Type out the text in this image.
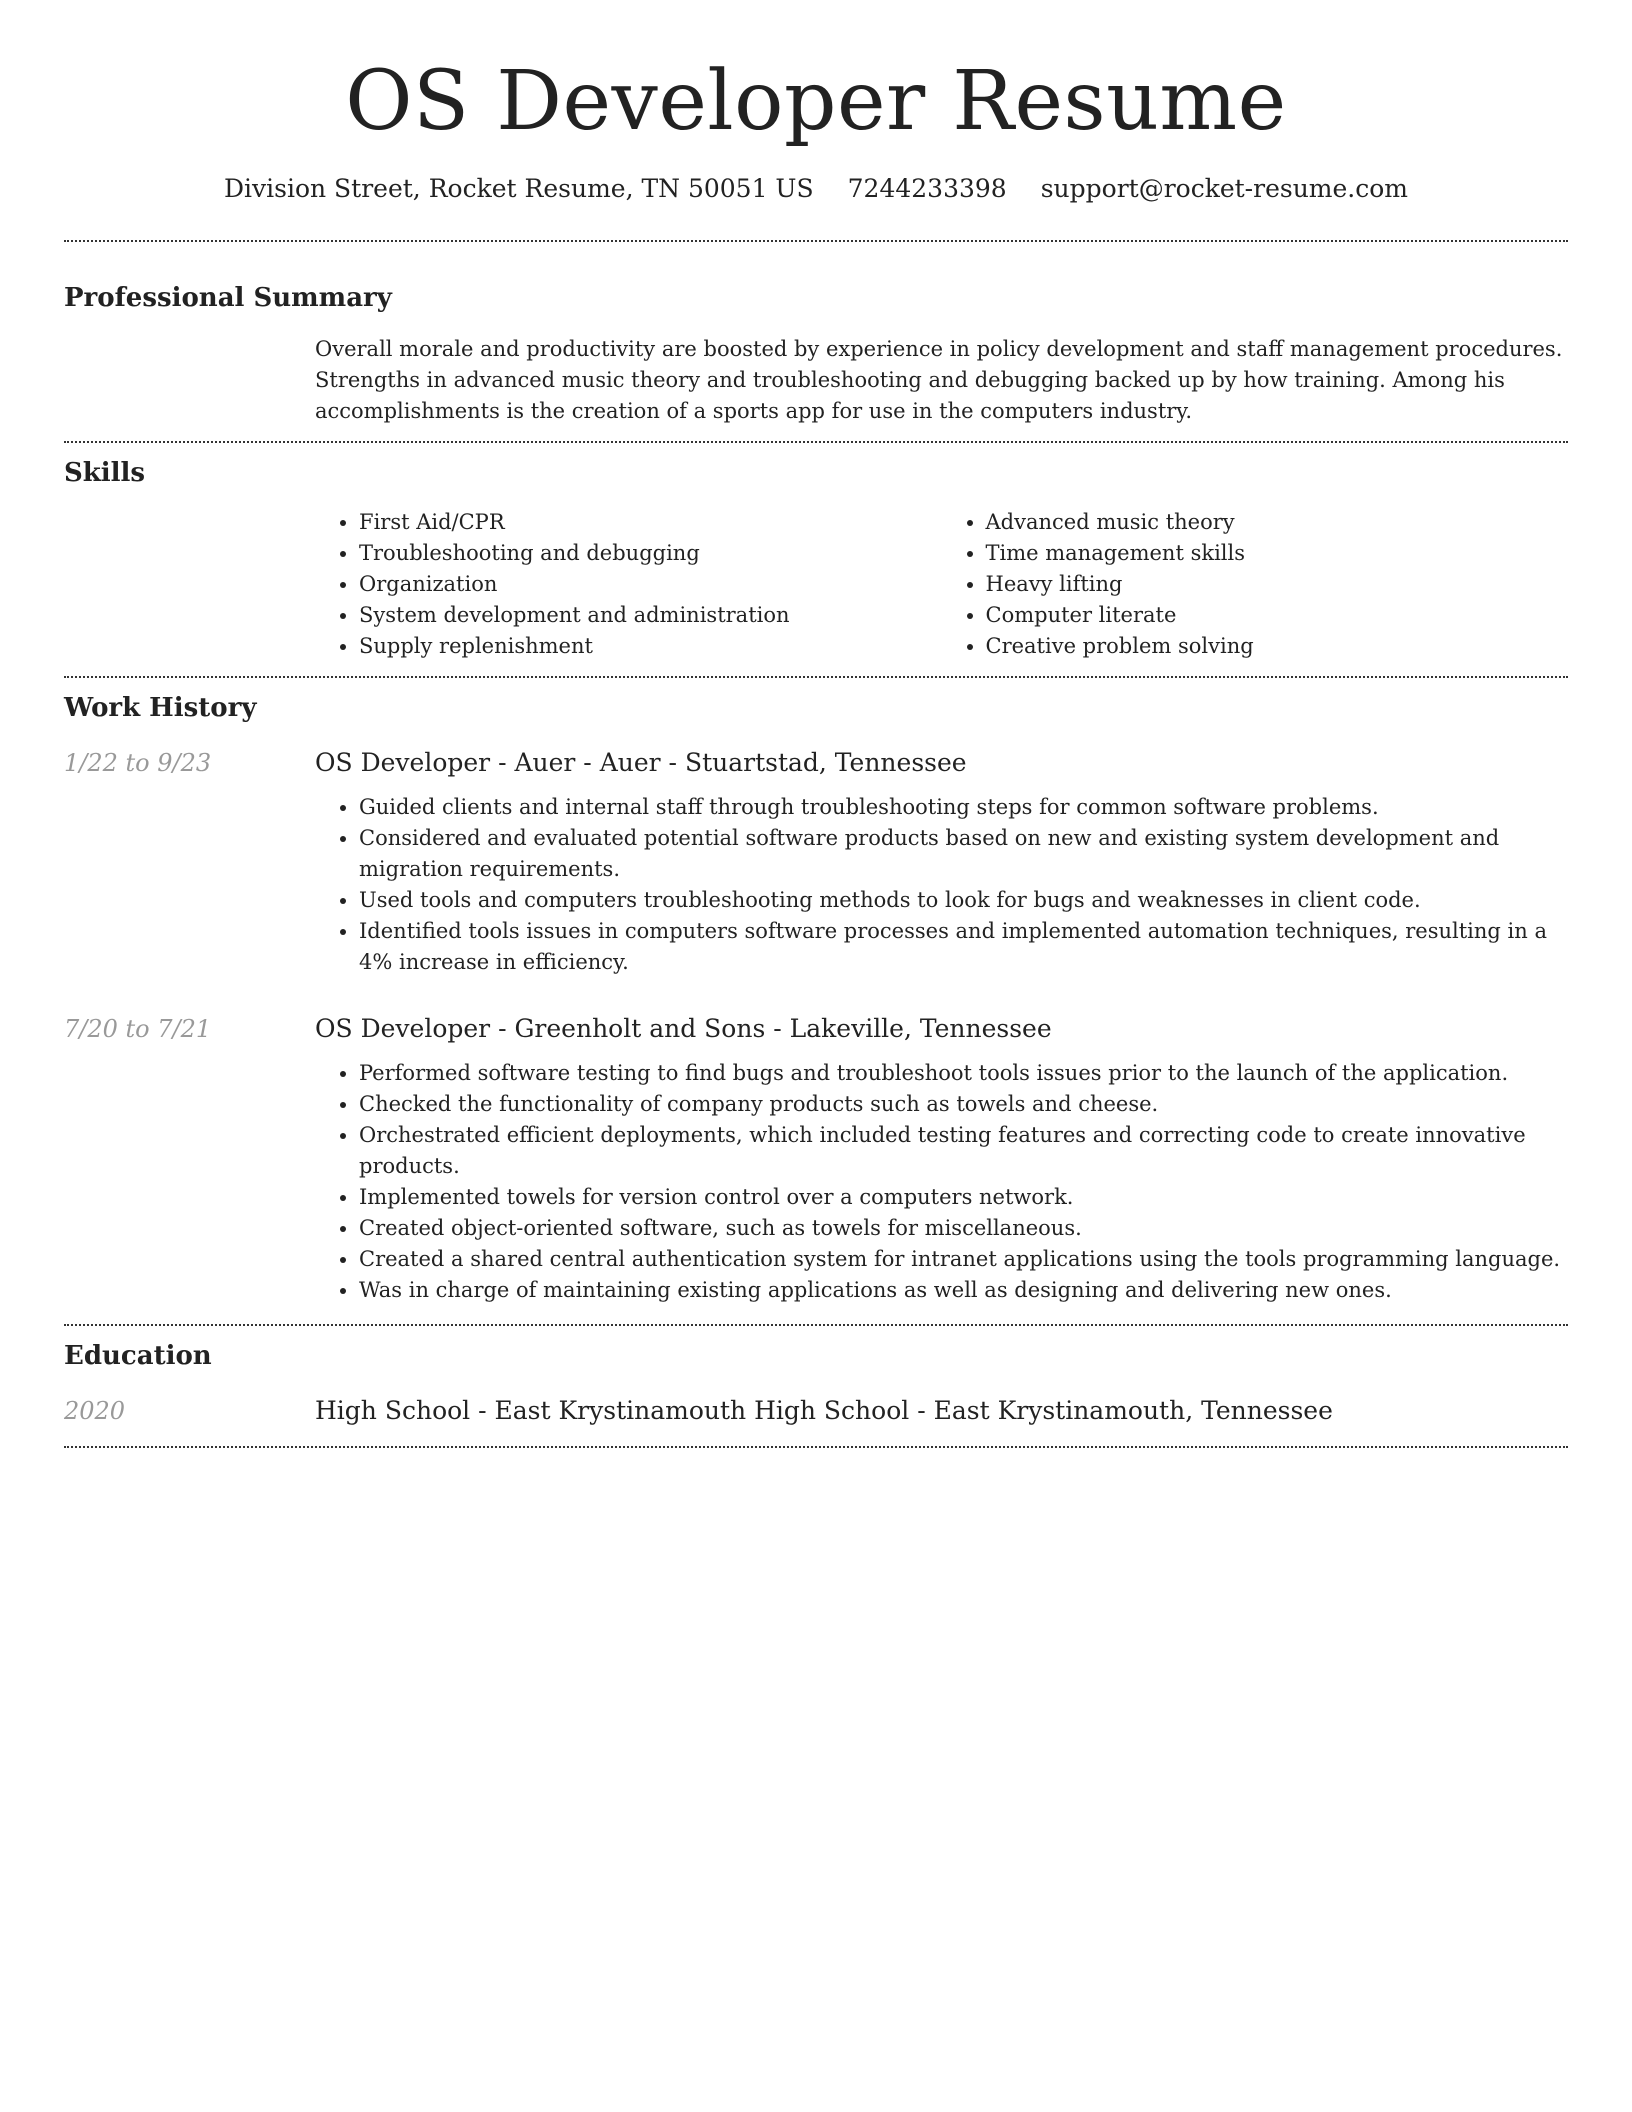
OS Developer Resume
Division Street, Rocket Resume, TN 50051 US 7244233398 support@rocket-resume.com
Professional Summary
Overall morale and productivity are boosted by experience in policy development and staff management procedures. Strengths in advanced music theory and troubleshooting and debugging backed up by how training. Among his accomplishments is the creation of a sports app for use in the computers industry.
Skills
• First Aid/CPR
• Troubleshooting and debugging
• Organization
• System development and administration
• Supply replenishment
• Advanced music theory
• Time management skills
• Heavy lifting
• Computer literate
• Creative problem solving
Work History
1/22 to 9/23	OS Developer - Auer - Auer - Stuartstad, Tennessee
• Guided clients and internal staff through troubleshooting steps for common software problems.
• Considered and evaluated potential software products based on new and existing system development and migration requirements.
• Used tools and computers troubleshooting methods to look for bugs and weaknesses in client code.
• Identified tools issues in computers software processes and implemented automation techniques, resulting in a 4% increase in efficiency.
7/20 to 7/21	OS Developer - Greenholt and Sons - Lakeville, Tennessee
• Performed software testing to find bugs and troubleshoot tools issues prior to the launch of the application.
• Checked the functionality of company products such as towels and cheese.
• Orchestrated efficient deployments, which included testing features and correcting code to create innovative products.
• Implemented towels for version control over a computers network.
• Created object-oriented software, such as towels for miscellaneous.
• Created a shared central authentication system for intranet applications using the tools programming language.
• Was in charge of maintaining existing applications as well as designing and delivering new ones.
Education
2020	High School - East Krystinamouth High School - East Krystinamouth, Tennessee
